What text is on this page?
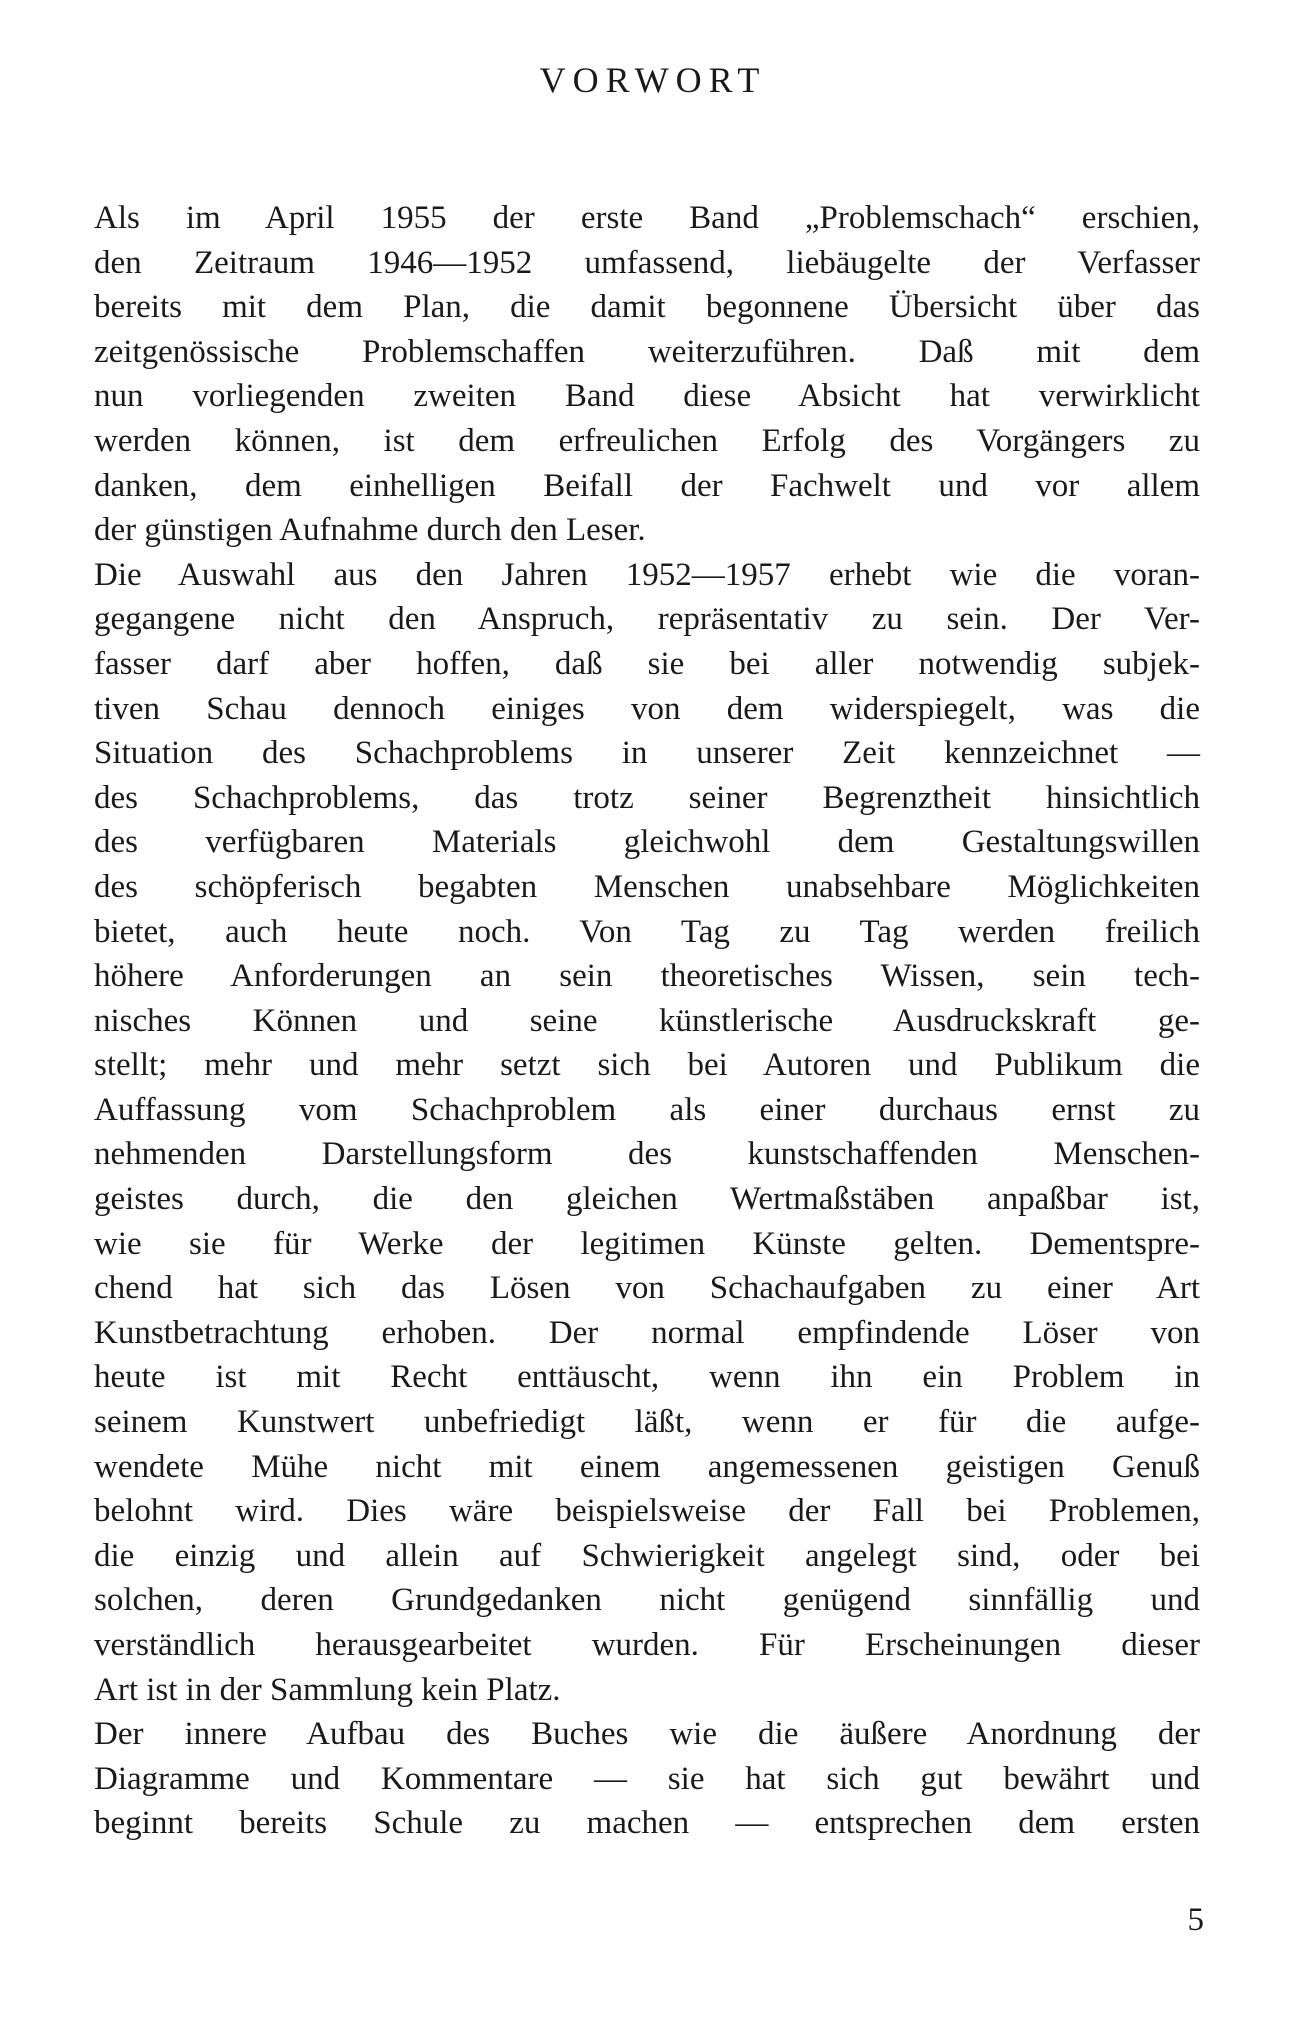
VORWORT
Als im April 1955 der erste Band „Problemschach“ erschien,
den Zeitraum 1946—1952 umfassend, liebäugelte der Verfasser
bereits mit dem Plan, die damit begonnene Übersicht über das
zeitgenössische Problemschaffen weiterzuführen. Daß mit dem
nun vorliegenden zweiten Band diese Absicht hat verwirklicht
werden können, ist dem erfreulichen Erfolg des Vorgängers zu
danken, dem einhelligen Beifall der Fachwelt und vor allem
der günstigen Aufnahme durch den Leser.
Die Auswahl aus den Jahren 1952—1957 erhebt wie die voran-
gegangene nicht den Anspruch, repräsentativ zu sein. Der Ver-
fasser darf aber hoffen, daß sie bei aller notwendig subjek-
tiven Schau dennoch einiges von dem widerspiegelt, was die
Situation des Schachproblems in unserer Zeit kennzeichnet —
des Schachproblems, das trotz seiner Begrenztheit hinsichtlich
des verfügbaren Materials gleichwohl dem Gestaltungswillen
des schöpferisch begabten Menschen unabsehbare Möglichkeiten
bietet, auch heute noch. Von Tag zu Tag werden freilich
höhere Anforderungen an sein theoretisches Wissen, sein tech-
nisches Können und seine künstlerische Ausdruckskraft ge-
stellt; mehr und mehr setzt sich bei Autoren und Publikum die
Auffassung vom Schachproblem als einer durchaus ernst zu
nehmenden Darstellungsform des kunstschaffenden Menschen-
geistes durch, die den gleichen Wertmaßstäben anpaßbar ist,
wie sie für Werke der legitimen Künste gelten. Dementspre-
chend hat sich das Lösen von Schachaufgaben zu einer Art
Kunstbetrachtung erhoben. Der normal empfindende Löser von
heute ist mit Recht enttäuscht, wenn ihn ein Problem in
seinem Kunstwert unbefriedigt läßt, wenn er für die aufge-
wendete Mühe nicht mit einem angemessenen geistigen Genuß
belohnt wird. Dies wäre beispielsweise der Fall bei Problemen,
die einzig und allein auf Schwierigkeit angelegt sind, oder bei
solchen, deren Grundgedanken nicht genügend sinnfällig und
verständlich herausgearbeitet wurden. Für Erscheinungen dieser
Art ist in der Sammlung kein Platz.
Der innere Aufbau des Buches wie die äußere Anordnung der
Diagramme und Kommentare — sie hat sich gut bewährt und
beginnt bereits Schule zu machen — entsprechen dem ersten
5
